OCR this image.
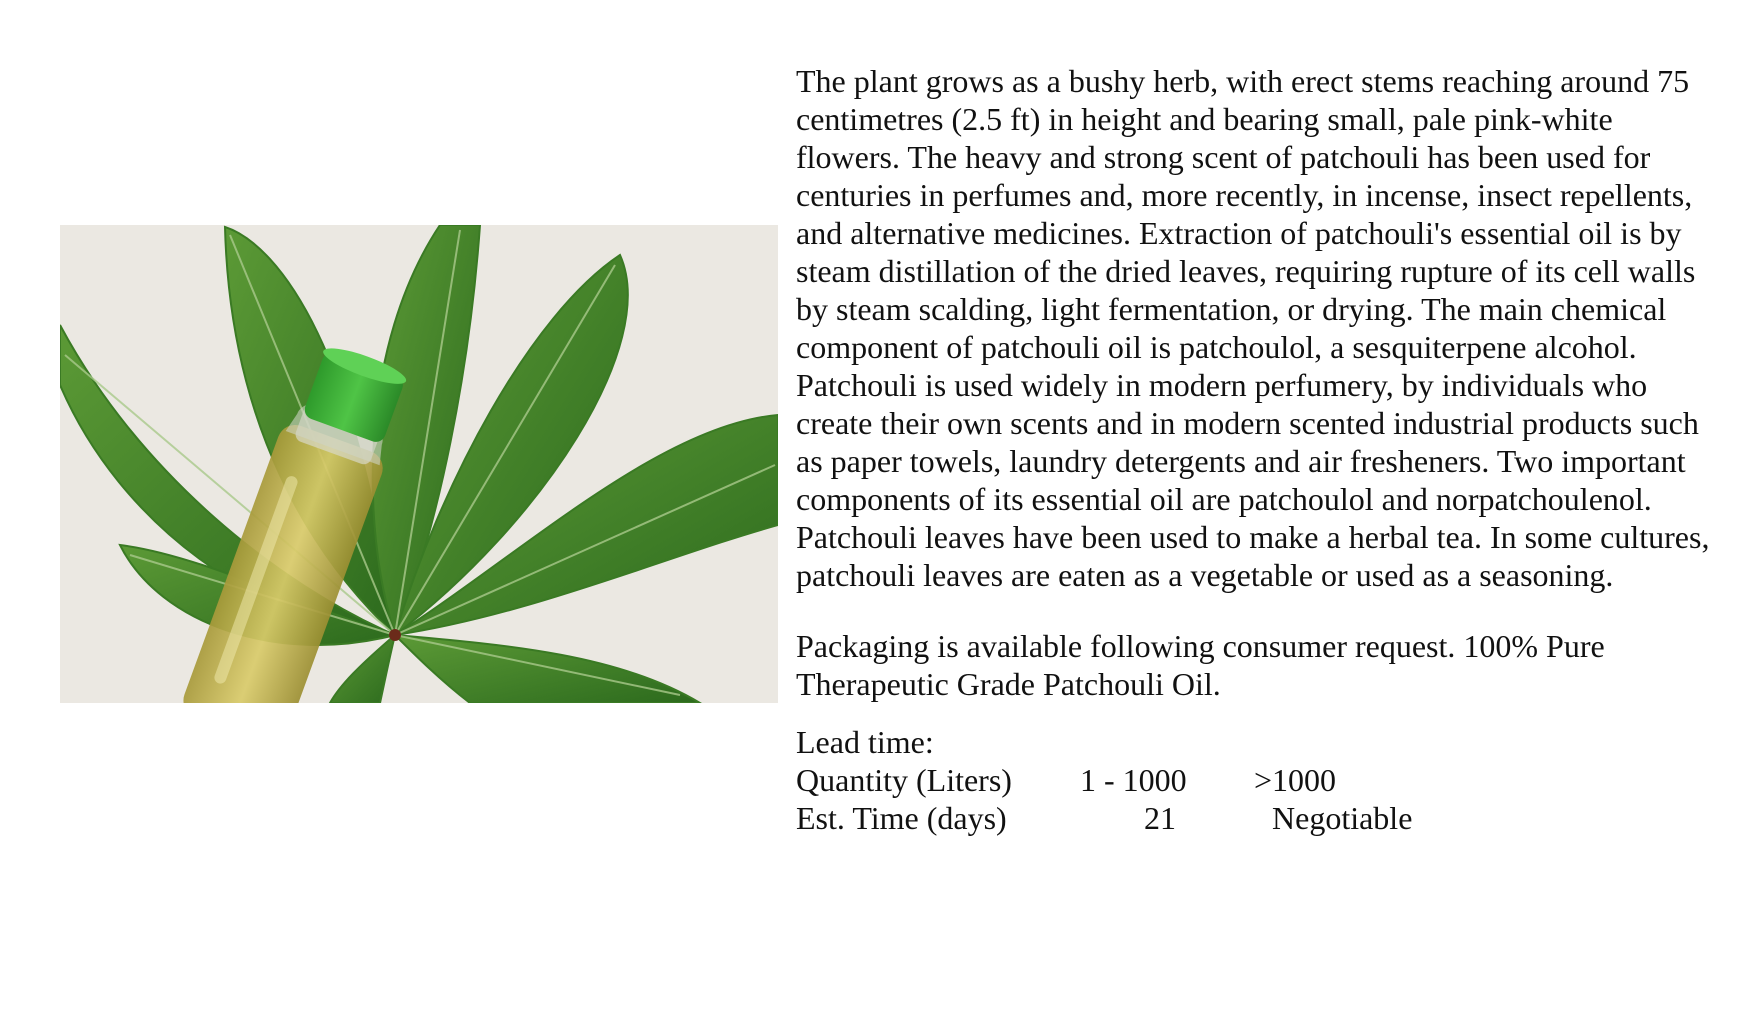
The plant grows as a bushy herb, with erect stems reaching around 75 centimetres (2.5 ft) in height and bearing small, pale pink-white flowers. The heavy and strong scent of patchouli has been used for centuries in perfumes and, more recently, in incense, insect repellents, and alternative medicines. Extraction of patchouli's essential oil is by steam distillation of the dried leaves, requiring rupture of its cell walls by steam scalding, light fermentation, or drying. The main chemical component of patchouli oil is patchoulol, a sesquiterpene alcohol. Patchouli is used widely in modern perfumery, by individuals who create their own scents and in modern scented industrial products such as paper towels, laundry detergents and air fresheners. Two important components of its essential oil are patchoulol and norpatchoulenol. Patchouli leaves have been used to make a herbal tea. In some cultures, patchouli leaves are eaten as a vegetable or used as a seasoning.

Packaging is available following consumer request. 100% Pure Therapeutic Grade Patchouli Oil.

Lead time:
Quantity (Liters)	1 - 1000	>1000
Est. Time (days)	21	Negotiable
